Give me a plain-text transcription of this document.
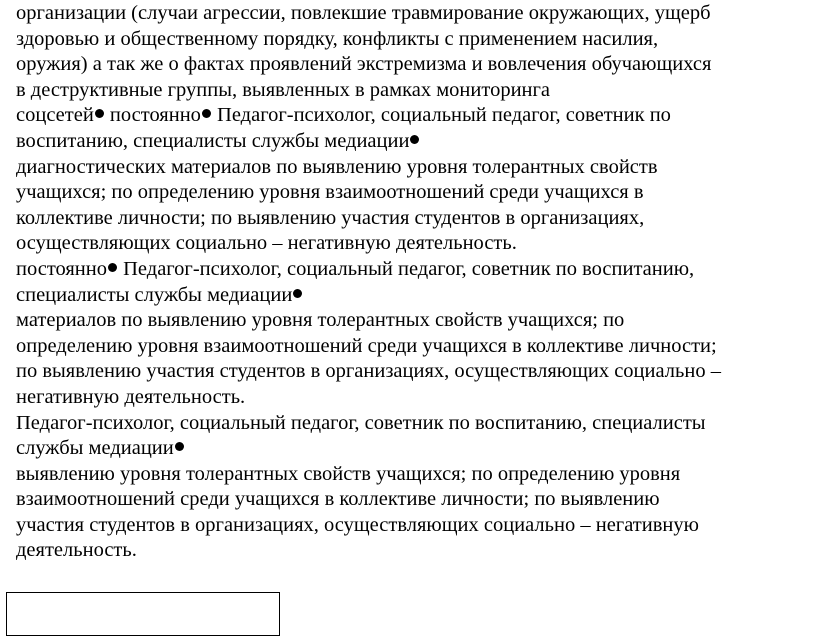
организации (случаи агрессии, повлекшие травмирование окружающих, ущерб
здоровью и общественному порядку, конфликты с применением насилия,
оружия) а так же о фактах проявлений экстремизма и вовлечения обучающихся
в деструктивные группы, выявленных в рамках мониторинга
соцсетей постоянно Педагог-психолог, социальный педагог, советник по
воспитанию, специалисты службы медиации
диагностических материалов по выявлению уровня толерантных свойств
учащихся; по определению уровня взаимоотношений среди учащихся в
коллективе личности; по выявлению участия студентов в организациях,
осуществляющих социально – негативную деятельность.
постоянно Педагог-психолог, социальный педагог, советник по воспитанию,
специалисты службы медиации
материалов по выявлению уровня толерантных свойств учащихся; по
определению уровня взаимоотношений среди учащихся в коллективе личности;
по выявлению участия студентов в организациях, осуществляющих социально –
негативную деятельность.
Педагог-психолог, социальный педагог, советник по воспитанию, специалисты
службы медиации
выявлению уровня толерантных свойств учащихся; по определению уровня
взаимоотношений среди учащихся в коллективе личности; по выявлению
участия студентов в организациях, осуществляющих социально – негативную
деятельность.
